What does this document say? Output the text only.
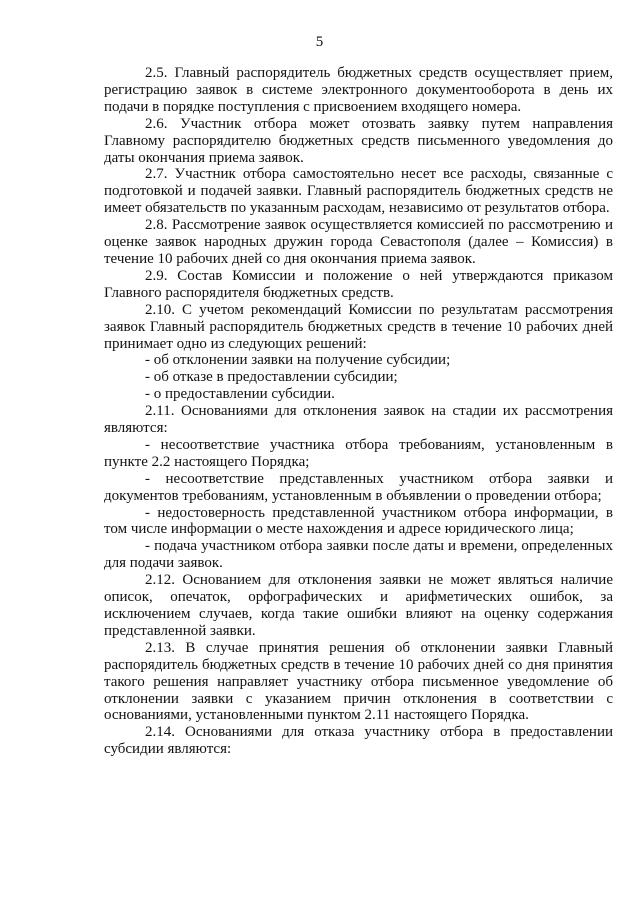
5

2.5. Главный распорядитель бюджетных средств осуществляет прием, регистрацию заявок в системе электронного документооборота в день их подачи в порядке поступления с присвоением входящего номера.

2.6. Участник отбора может отозвать заявку путем направления Главному распорядителю бюджетных средств письменного уведомления до даты окончания приема заявок.

2.7. Участник отбора самостоятельно несет все расходы, связанные с подготовкой и подачей заявки. Главный распорядитель бюджетных средств не имеет обязательств по указанным расходам, независимо от результатов отбора.

2.8. Рассмотрение заявок осуществляется комиссией по рассмотрению и оценке заявок народных дружин города Севастополя (далее – Комиссия) в течение 10 рабочих дней со дня окончания приема заявок.

2.9. Состав Комиссии и положение о ней утверждаются приказом Главного распорядителя бюджетных средств.

2.10. С учетом рекомендаций Комиссии по результатам рассмотрения заявок Главный распорядитель бюджетных средств в течение 10 рабочих дней принимает одно из следующих решений:

- об отклонении заявки на получение субсидии;

- об отказе в предоставлении субсидии;

- о предоставлении субсидии.

2.11. Основаниями для отклонения заявок на стадии их рассмотрения являются:

- несоответствие участника отбора требованиям, установленным в пункте 2.2 настоящего Порядка;

- несоответствие представленных участником отбора заявки и документов требованиям, установленным в объявлении о проведении отбора;

- недостоверность представленной участником отбора информации, в том числе информации о месте нахождения и адресе юридического лица;

- подача участником отбора заявки после даты и времени, определенных для подачи заявок.

2.12. Основанием для отклонения заявки не может являться наличие описок, опечаток, орфографических и арифметических ошибок, за исключением случаев, когда такие ошибки влияют на оценку содержания представленной заявки.

2.13. В случае принятия решения об отклонении заявки Главный распорядитель бюджетных средств в течение 10 рабочих дней со дня принятия такого решения направляет участнику отбора письменное уведомление об отклонении заявки с указанием причин отклонения в соответствии с основаниями, установленными пунктом 2.11 настоящего Порядка.

2.14. Основаниями для отказа участнику отбора в предоставлении субсидии являются:
